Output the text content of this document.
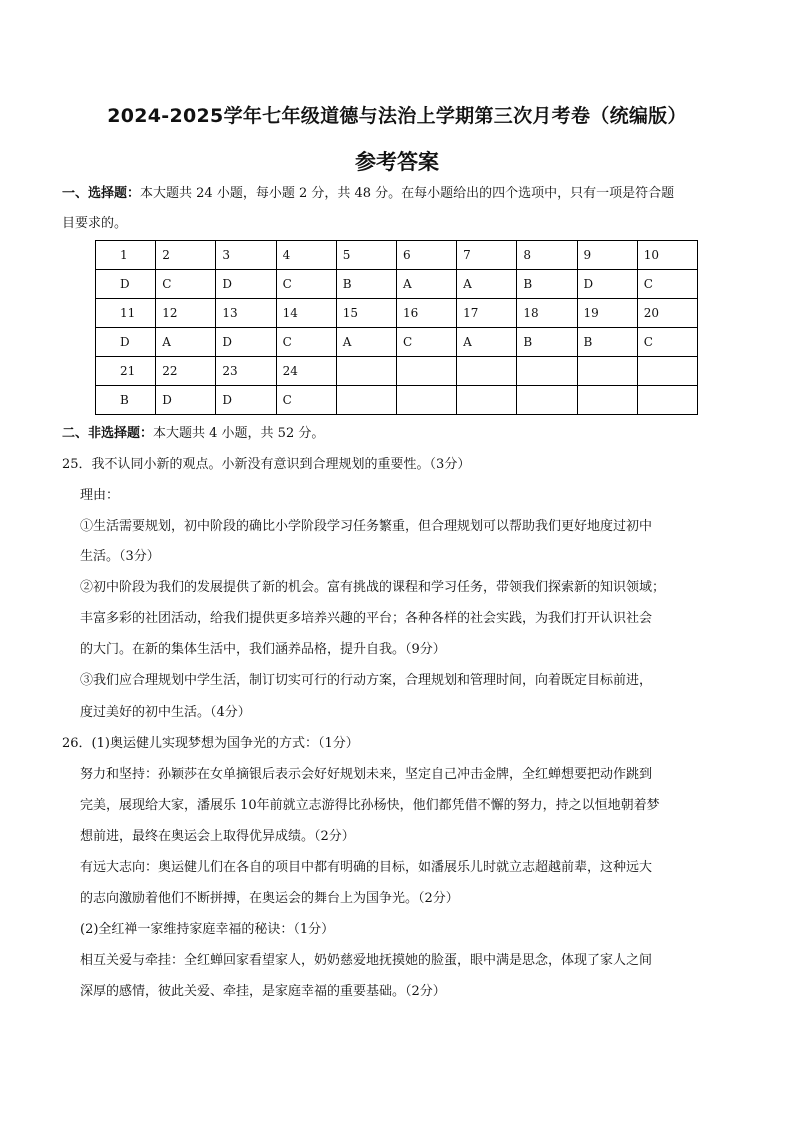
2024-2025学年七年级道德与法治上学期第三次月考卷（统编版）
参考答案
一、选择题：本大题共 24 小题，每小题 2 分，共 48 分。在每小题给出的四个选项中，只有一项是符合题
目要求的。
1	2	3	4	5	6	7	8	9	10
D	C	D	C	B	A	A	B	D	C
11	12	13	14	15	16	17	18	19	20
D	A	D	C	A	C	A	B	B	C
21	22	23	24						
B	D	D	C						
二、非选择题：本大题共 4 小题，共 52 分。
25．我不认同小新的观点。小新没有意识到合理规划的重要性。（3分）
理由：
①生活需要规划，初中阶段的确比小学阶段学习任务繁重，但合理规划可以帮助我们更好地度过初中
生活。（3分）
②初中阶段为我们的发展提供了新的机会。富有挑战的课程和学习任务，带领我们探索新的知识领域；
丰富多彩的社团活动，给我们提供更多培养兴趣的平台；各种各样的社会实践，为我们打开认识社会
的大门。在新的集体生活中，我们涵养品格，提升自我。（9分）
③我们应合理规划中学生活，制订切实可行的行动方案，合理规划和管理时间，向着既定目标前进，
度过美好的初中生活。（4分）
26．(1)奥运健儿实现梦想为国争光的方式：（1分）
努力和坚持：孙颖莎在女单摘银后表示会好好规划未来，坚定自己冲击金牌，全红蝉想要把动作跳到
完美，展现给大家，潘展乐 10年前就立志游得比孙杨快，他们都凭借不懈的努力，持之以恒地朝着梦
想前进，最终在奥运会上取得优异成绩。（2分）
有远大志向：奥运健儿们在各自的项目中都有明确的目标，如潘展乐儿时就立志超越前辈，这种远大
的志向激励着他们不断拼搏，在奥运会的舞台上为国争光。（2分）
(2)全红禅一家维持家庭幸福的秘诀：（1分）
相互关爱与牵挂：全红蝉回家看望家人，奶奶慈爱地抚摸她的脸蛋，眼中满是思念，体现了家人之间
深厚的感情，彼此关爱、牵挂，是家庭幸福的重要基础。（2分）
